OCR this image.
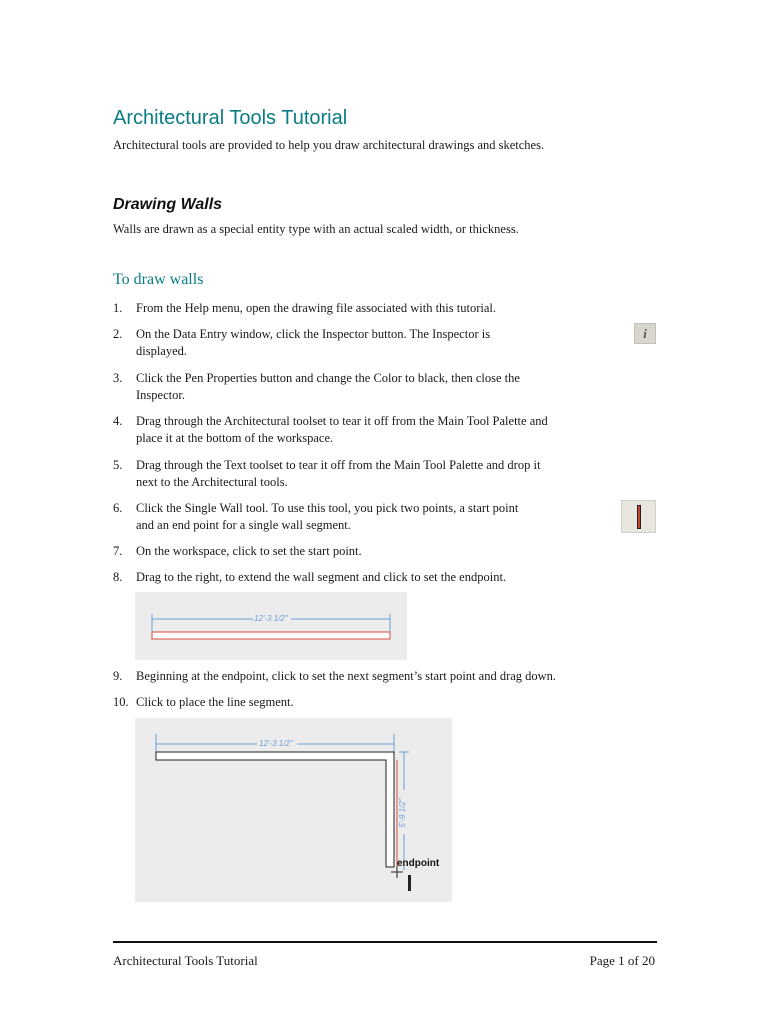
Architectural Tools Tutorial
Architectural tools are provided to help you draw architectural drawings and sketches.
Drawing Walls
Walls are drawn as a special entity type with an actual scaled width, or thickness.
To draw walls
1. From the Help menu, open the drawing file associated with this tutorial.
2. On the Data Entry window, click the Inspector button. The Inspector is
displayed.
3. Click the Pen Properties button and change the Color to black, then close the
Inspector.
4. Drag through the Architectural toolset to tear it off from the Main Tool Palette and
place it at the bottom of the workspace.
5. Drag through the Text toolset to tear it off from the Main Tool Palette and drop it
next to the Architectural tools.
6. Click the Single Wall tool. To use this tool, you pick two points, a start point
and an end point for a single wall segment.
7. On the workspace, click to set the start point.
8. Drag to the right, to extend the wall segment and click to set the endpoint.
9. Beginning at the endpoint, click to set the next segment’s start point and drag down.
10. Click to place the line segment.
i
12'-3 1/2"
12'-3 1/2"
5'-9 1/2"
endpoint
Architectural Tools Tutorial	Page 1 of 20
